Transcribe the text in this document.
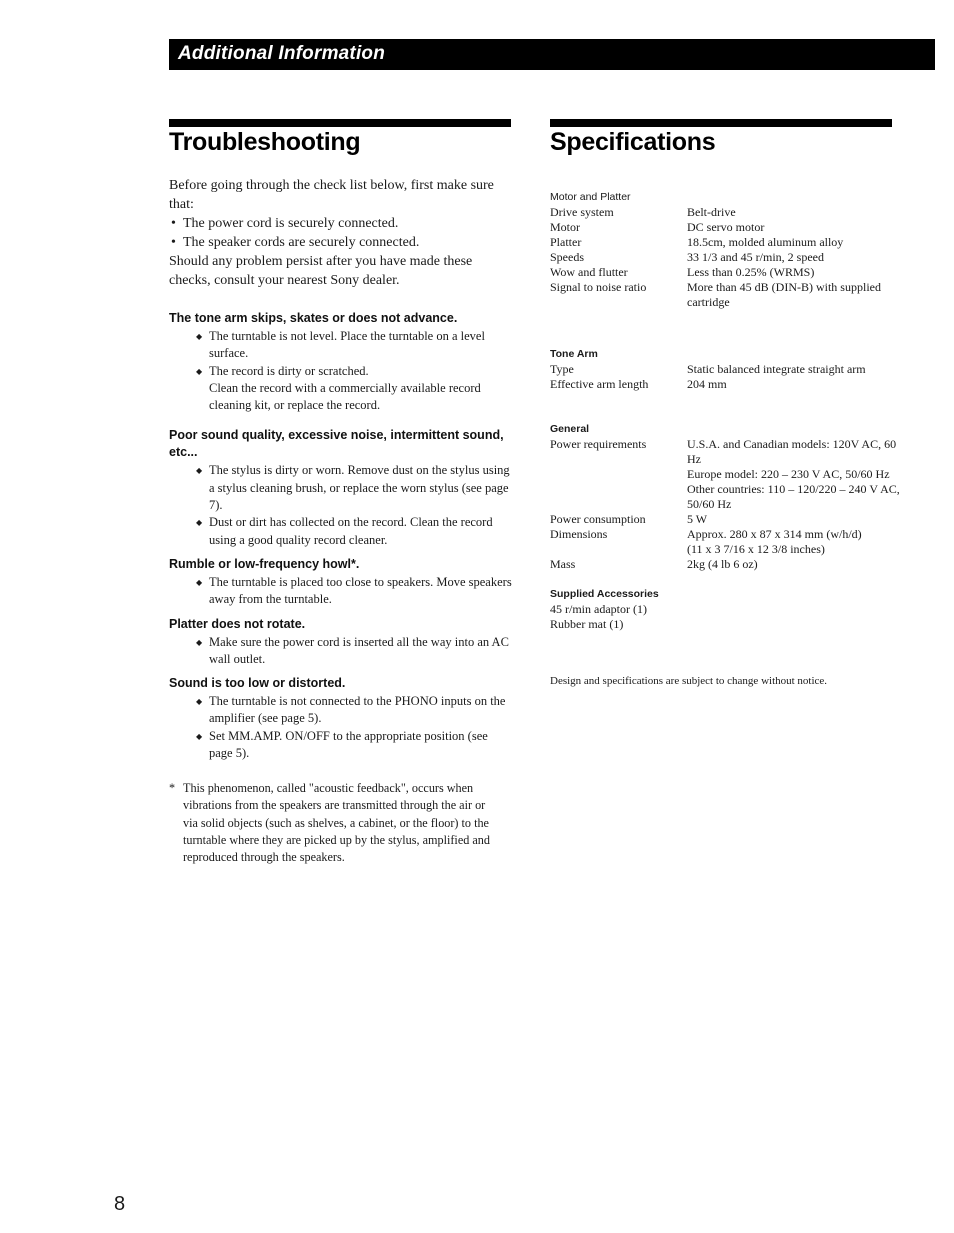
Additional Information
Troubleshooting	Specifications

Before going through the check list below, first make sure that:

• The power cord is securely connected.
• The speaker cords are securely connected.

Should any problem persist after you have made these checks, consult your nearest Sony dealer.

The tone arm skips, skates or does not advance.

◆ The turntable is not level. Place the turntable on a level surface.
◆ The record is dirty or scratched.
Clean the record with a commercially available record cleaning kit, or replace the record.

Poor sound quality, excessive noise, intermittent sound, etc...

◆ The stylus is dirty or worn. Remove dust on the stylus using a stylus cleaning brush, or replace the worn stylus (see page 7).
◆ Dust or dirt has collected on the record. Clean the record using a good quality record cleaner.

Rumble or low-frequency howl*.

◆ The turntable is placed too close to speakers. Move speakers away from the turntable.

Platter does not rotate.

◆ Make sure the power cord is inserted all the way into an AC wall outlet.

Sound is too low or distorted.

◆ The turntable is not connected to the PHONO inputs on the amplifier (see page 5).
◆ Set MM.AMP. ON/OFF to the appropriate position (see page 5).
* This phenomenon, called "acoustic feedback", occurs when vibrations from the speakers are transmitted through the air or via solid objects (such as shelves, a cabinet, or the floor) to the turntable where they are picked up by the stylus, amplified and reproduced through the speakers.

Motor and Platter

Drive system	Belt-drive
Motor	DC servo motor
Platter	18.5cm, molded aluminum alloy
Speeds	33 1/3 and 45 r/min, 2 speed
Wow and flutter	Less than 0.25% (WRMS)
Signal to noise ratio	More than 45 dB (DIN-B) with supplied cartridge

Tone Arm

Type	Static balanced integrate straight arm
Effective arm length	204 mm

General

Power requirements	U.S.A. and Canadian models: 120V AC, 60 Hz
Europe model: 220 – 230 V AC, 50/60 Hz
Other countries: 110 – 120/220 – 240 V AC, 50/60 Hz
Power consumption	5 W
Dimensions	Approx. 280 x 87 x 314 mm (w/h/d)
(11 x 3 7/16 x 12 3/8 inches)
Mass	2kg (4 lb 6 oz)

Supplied Accessories

45 r/min adaptor (1)
Rubber mat (1)
Design and specifications are subject to change without notice.
8
